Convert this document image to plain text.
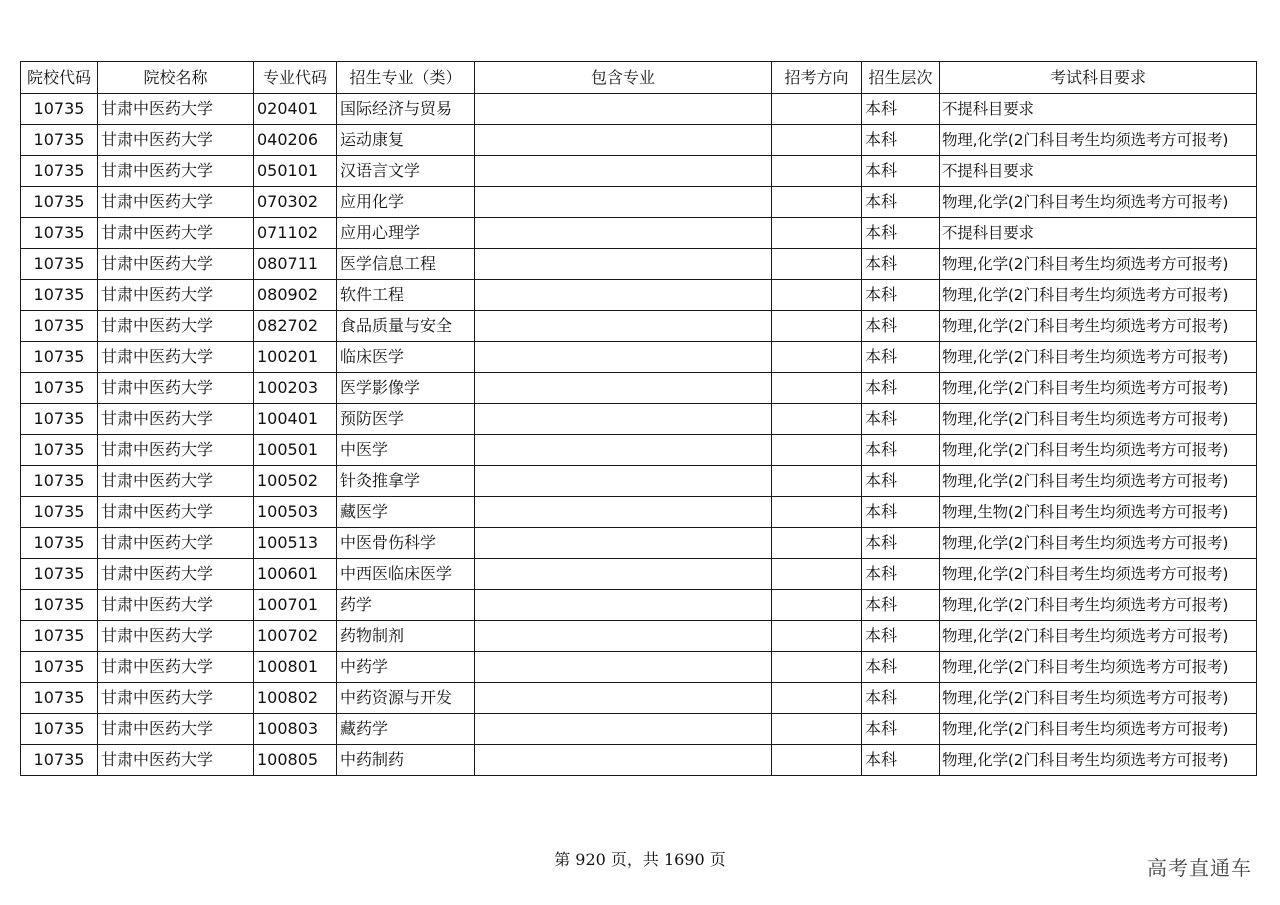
院校代码	院校名称	专业代码	招生专业（类）	包含专业	招考方向	招生层次	考试科目要求
10735	甘肃中医药大学	020401	国际经济与贸易			本科	不提科目要求
10735	甘肃中医药大学	040206	运动康复			本科	物理,化学(2门科目考生均须选考方可报考)
10735	甘肃中医药大学	050101	汉语言文学			本科	不提科目要求
10735	甘肃中医药大学	070302	应用化学			本科	物理,化学(2门科目考生均须选考方可报考)
10735	甘肃中医药大学	071102	应用心理学			本科	不提科目要求
10735	甘肃中医药大学	080711	医学信息工程			本科	物理,化学(2门科目考生均须选考方可报考)
10735	甘肃中医药大学	080902	软件工程			本科	物理,化学(2门科目考生均须选考方可报考)
10735	甘肃中医药大学	082702	食品质量与安全			本科	物理,化学(2门科目考生均须选考方可报考)
10735	甘肃中医药大学	100201	临床医学			本科	物理,化学(2门科目考生均须选考方可报考)
10735	甘肃中医药大学	100203	医学影像学			本科	物理,化学(2门科目考生均须选考方可报考)
10735	甘肃中医药大学	100401	预防医学			本科	物理,化学(2门科目考生均须选考方可报考)
10735	甘肃中医药大学	100501	中医学			本科	物理,化学(2门科目考生均须选考方可报考)
10735	甘肃中医药大学	100502	针灸推拿学			本科	物理,化学(2门科目考生均须选考方可报考)
10735	甘肃中医药大学	100503	藏医学			本科	物理,生物(2门科目考生均须选考方可报考)
10735	甘肃中医药大学	100513	中医骨伤科学			本科	物理,化学(2门科目考生均须选考方可报考)
10735	甘肃中医药大学	100601	中西医临床医学			本科	物理,化学(2门科目考生均须选考方可报考)
10735	甘肃中医药大学	100701	药学			本科	物理,化学(2门科目考生均须选考方可报考)
10735	甘肃中医药大学	100702	药物制剂			本科	物理,化学(2门科目考生均须选考方可报考)
10735	甘肃中医药大学	100801	中药学			本科	物理,化学(2门科目考生均须选考方可报考)
10735	甘肃中医药大学	100802	中药资源与开发			本科	物理,化学(2门科目考生均须选考方可报考)
10735	甘肃中医药大学	100803	藏药学			本科	物理,化学(2门科目考生均须选考方可报考)
10735	甘肃中医药大学	100805	中药制药			本科	物理,化学(2门科目考生均须选考方可报考)
第 920 页，共 1690 页	高考直通车
